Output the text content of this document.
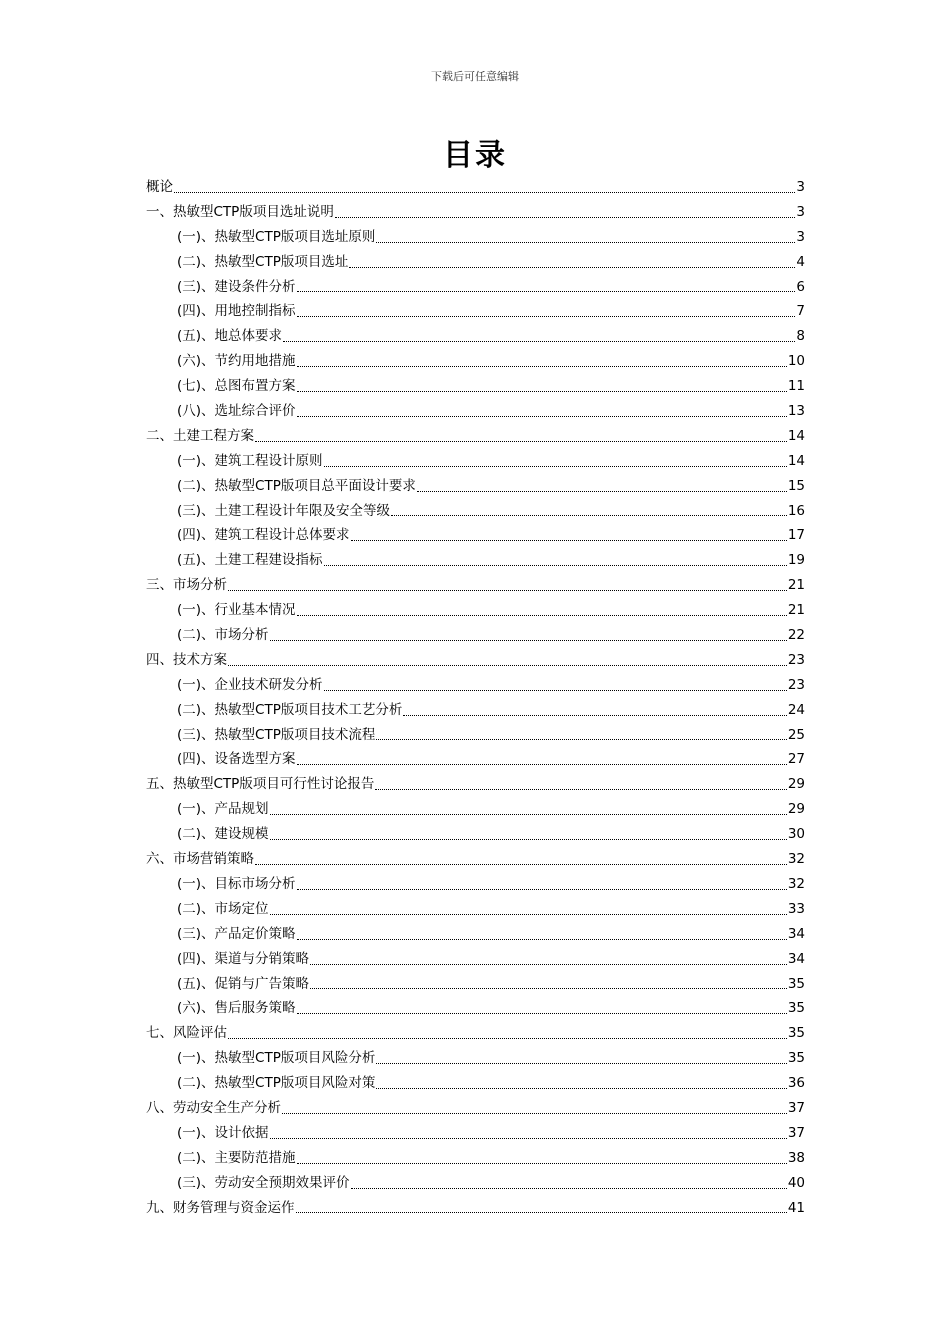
下载后可任意编辑
目录
概论	3
一、热敏型CTP版项目选址说明	3
(一)、热敏型CTP版项目选址原则	3
(二)、热敏型CTP版项目选址	4
(三)、建设条件分析	6
(四)、用地控制指标	7
(五)、地总体要求	8
(六)、节约用地措施	10
(七)、总图布置方案	11
(八)、选址综合评价	13
二、土建工程方案	14
(一)、建筑工程设计原则	14
(二)、热敏型CTP版项目总平面设计要求	15
(三)、土建工程设计年限及安全等级	16
(四)、建筑工程设计总体要求	17
(五)、土建工程建设指标	19
三、市场分析	21
(一)、行业基本情况	21
(二)、市场分析	22
四、技术方案	23
(一)、企业技术研发分析	23
(二)、热敏型CTP版项目技术工艺分析	24
(三)、热敏型CTP版项目技术流程	25
(四)、设备选型方案	27
五、热敏型CTP版项目可行性讨论报告	29
(一)、产品规划	29
(二)、建设规模	30
六、市场营销策略	32
(一)、目标市场分析	32
(二)、市场定位	33
(三)、产品定价策略	34
(四)、渠道与分销策略	34
(五)、促销与广告策略	35
(六)、售后服务策略	35
七、风险评估	35
(一)、热敏型CTP版项目风险分析	35
(二)、热敏型CTP版项目风险对策	36
八、劳动安全生产分析	37
(一)、设计依据	37
(二)、主要防范措施	38
(三)、劳动安全预期效果评价	40
九、财务管理与资金运作	41
